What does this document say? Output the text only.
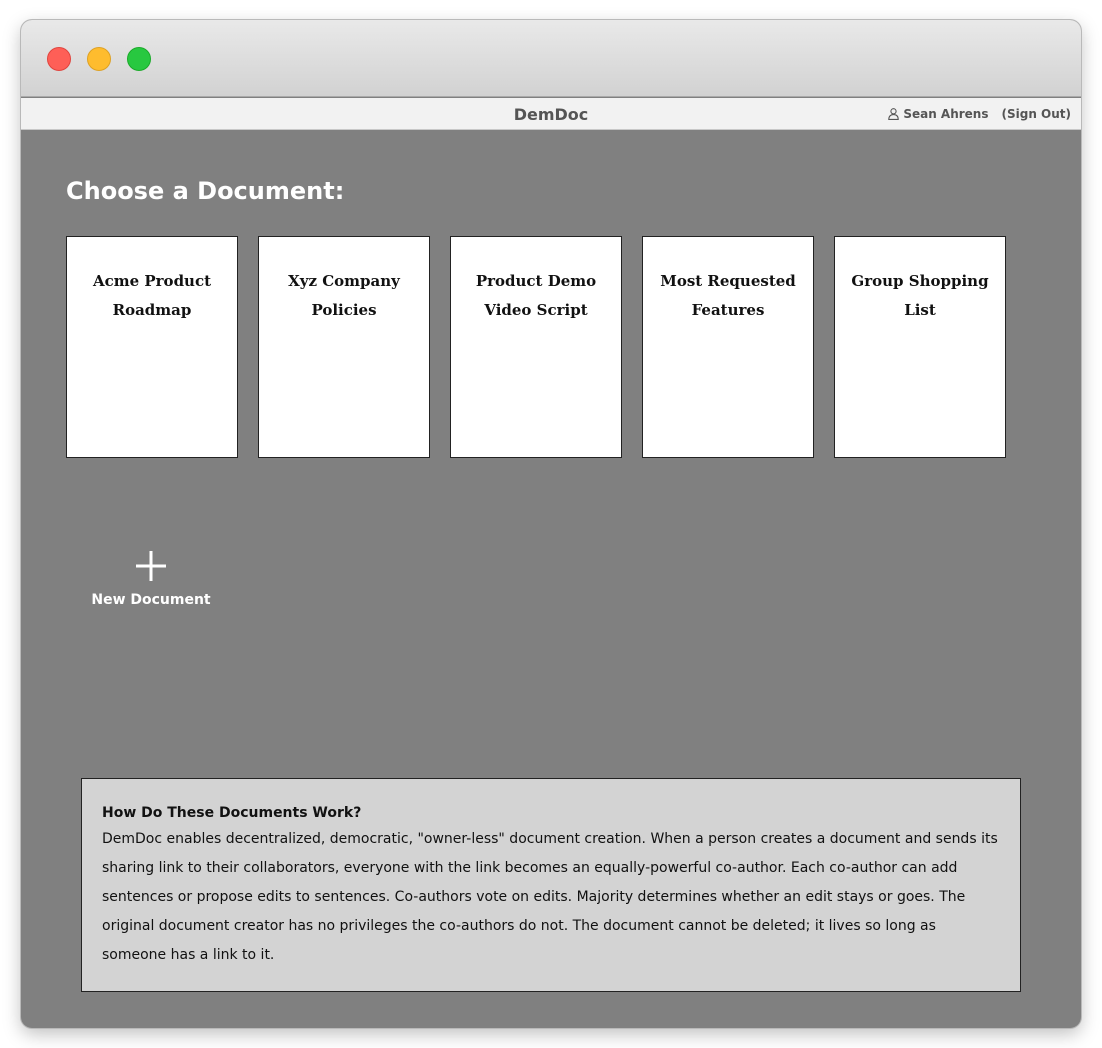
DemDoc	Sean Ahrens (Sign Out)
Choose a Document:
Acme Product Roadmap
Xyz Company Policies
Product Demo Video Script
Most Requested Features
Group Shopping List
New Document
How Do These Documents Work?
DemDoc enables decentralized, democratic, "owner-less" document creation. When a person creates a document and sends its sharing link to their collaborators, everyone with the link becomes an equally-powerful co-author. Each co-author can add sentences or propose edits to sentences. Co-authors vote on edits. Majority determines whether an edit stays or goes. The original document creator has no privileges the co-authors do not. The document cannot be deleted; it lives so long as someone has a link to it.
